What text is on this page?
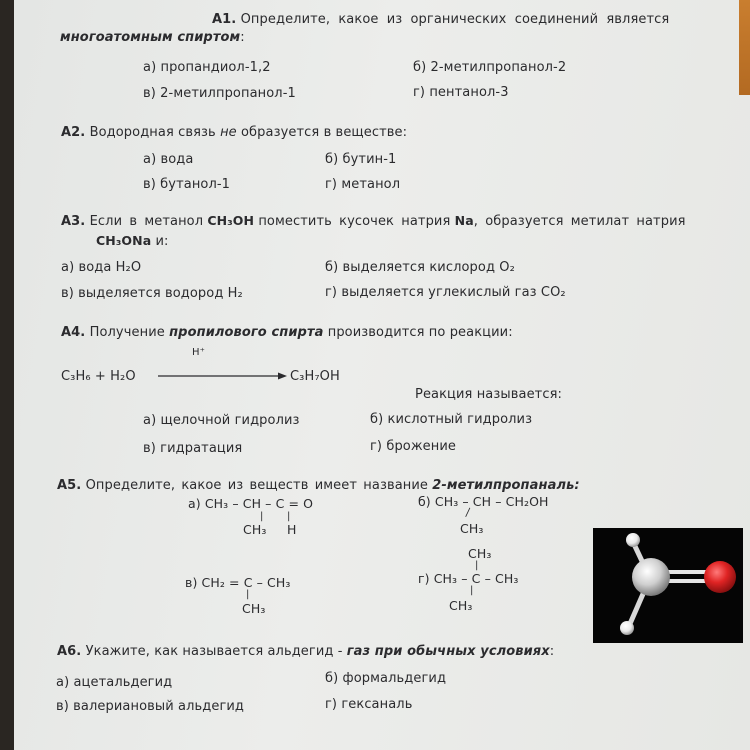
А1. Определите, какое из органических соединений является
многоатомным спиртом:
а) пропандиол-1,2	б) 2-метилпропанол-2
в) 2-метилпропанол-1	г) пентанол-3
А2. Водородная связь не образуется в веществе:
а) вода	б) бутин-1
в) бутанол-1	г) метанол
А3. Если в метанол CH₃OH поместить кусочек натрия Na, образуется метилат натрия
CH₃ONa и:
а) вода H₂O	б) выделяется кислород O₂
в) выделяется водород H₂	г) выделяется углекислый газ CO₂
А4. Получение пропилового спирта производится по реакции:
H⁺
C₃H₆ + H₂O	C₃H₇OH
Реакция называется:
а) щелочной гидролиз	б) кислотный гидролиз
в) гидратация	г) брожение
А5. Определите, какое из веществ имеет название 2-метилпропаналь:
а) CH₃ – CH – C = O
| |
CH₃ H
б) CH₃ – CH – CH₂OH
|
CH₃
в) CH₂ = C – CH₃
|
CH₃
CH₃
|
г) CH₃ – C – CH₃
|
CH₃
А6. Укажите, как называется альдегид - газ при обычных условиях:
а) ацетальдегид	б) формальдегид
в) валериановый альдегид	г) гексаналь
